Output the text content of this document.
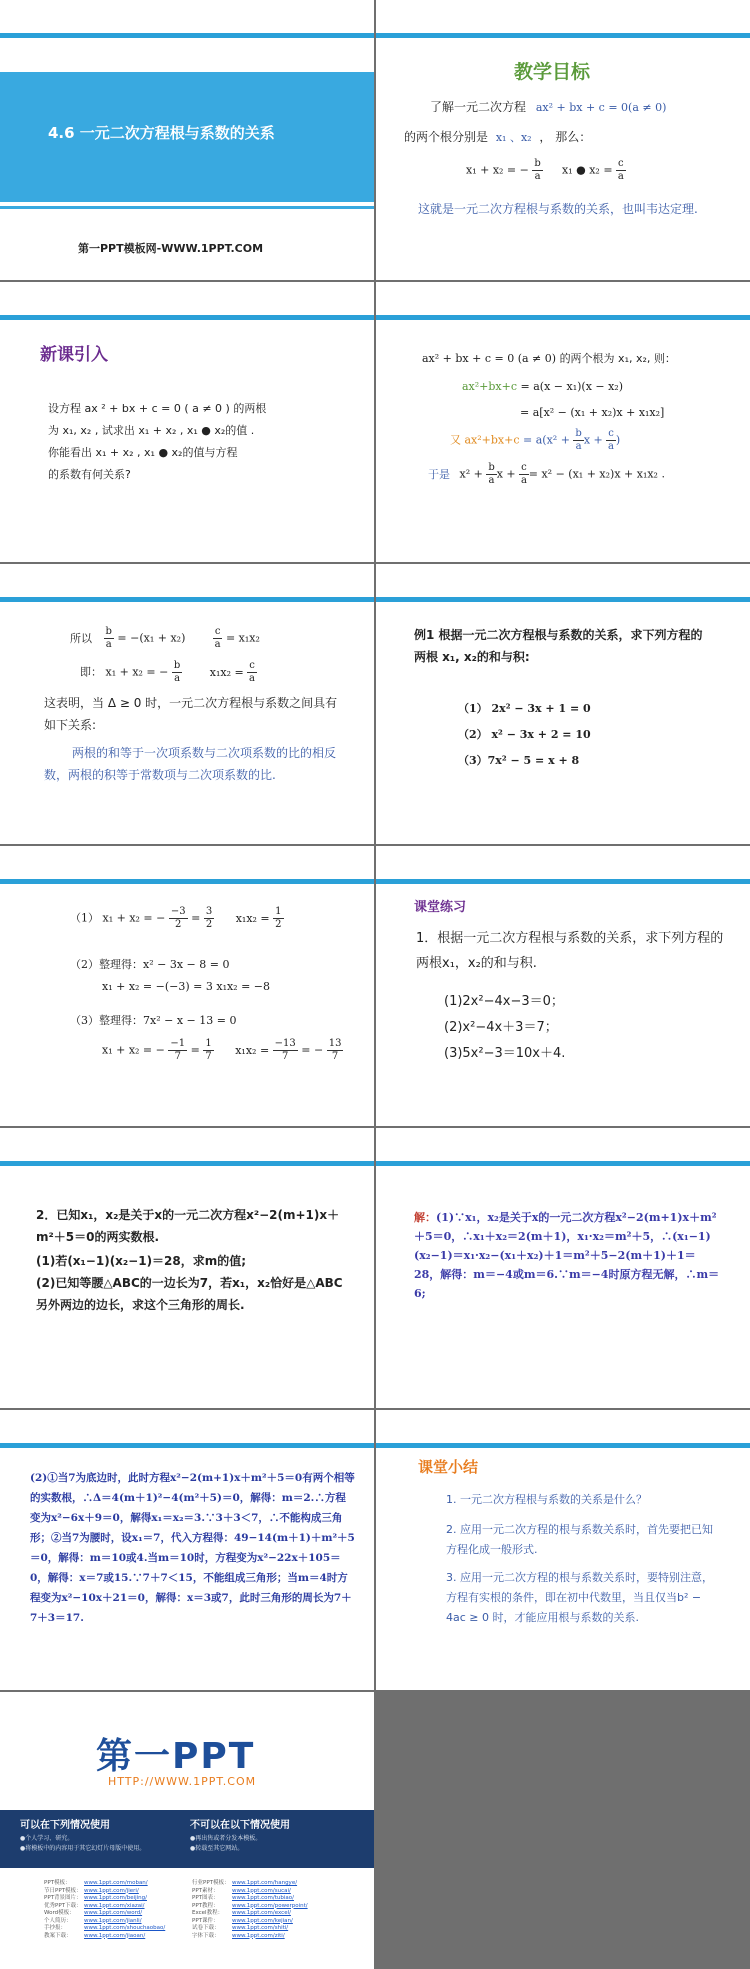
4.6 一元二次方程根与系数的关系
第一PPT模板网-WWW.1PPT.COM
教学目标
了解一元二次方程 ax² + bx + c = 0(a ≠ 0)
的两个根分别是 x₁ 、x₂ ， 那么：
x₁ + x₂ = − $\frac{b}{a} x_1$ ● $x_2 = \frac{c}{a}$
这就是一元二次方程根与系数的关系，也叫韦达定理.
新课引入
设方程 ax ² + bx + c = 0 ( a ≠ 0 ) 的两根
为 x₁, x₂ , 试求出 x₁ + x₂ , x₁ ● x₂的值 .
你能看出 x₁ + x₂ , x₁ ● x₂的值与方程
的系数有何关系?
ax² + bx + c = 0 (a ≠ 0) 的两个根为 x₁, x₂, 则：
ax²+bx+c = a(x − x₁)(x − x₂)
= a[x² − (x₁ + x₂)x + x₁x₂]
又 $ax^2+bx+c = a(x^2 + \frac{b}{a}$ $x + \frac{c}{a}$ )
于是 $x^2 + \frac{b}{a}$ $x + \frac{c}{a} = x^2 - (x_1 + x_2)x + x_1x_2$ .
所以 $\frac{b}{a} = -(x_1 + x_2)$	$\frac{c}{a} = x_1x_2$
即： x₁ + x₂ = − $\frac{b}{a}$	$x_1x_2 = \frac{c}{a}$
这表明，当 Δ ≥ 0 时，一元二次方程根与系数之间具有如下关系:
两根的和等于一次项系数与二次项系数的比的相反数，两根的积等于常数项与二次项系数的比.
例1 根据一元二次方程根与系数的关系，求下列方程的两根 x₁, x₂的和与积:
（1） 2x² − 3x + 1 = 0
（2） x² − 3x + 2 = 10
（3）7x² − 5 = x + 8
（1） x₁ + x₂ = − $\frac{-3}{2} = \frac{3}{2} x_1x_2 = \frac{1}{2}$
（2）整理得：x² − 3x − 8 = 0
x₁ + x₂ = −(−3) = 3 x₁x₂ = −8
（3）整理得：7x² − x − 13 = 0
x₁ + x₂ = − $\frac{-1}{7} = \frac{1}{7} x_1x_2 = \frac{-13}{7}$ = − $\frac{13}{7}$
课堂练习
1．根据一元二次方程根与系数的关系，求下列方程的两根x₁，x₂的和与积.
(1)2x²−4x−3＝0；
(2)x²−4x＋3＝7；
(3)5x²−3＝10x＋4.
2．已知x₁，x₂是关于x的一元二次方程x²−2(m+1)x＋m²＋5＝0的两实数根.
(1)若(x₁−1)(x₂−1)＝28，求m的值;
(2)已知等腰△ABC的一边长为7，若x₁，x₂恰好是△ABC另外两边的边长，求这个三角形的周长.
解：(1)∵x₁，x₂是关于x的一元二次方程x²−2(m+1)x＋m²＋5＝0，∴x₁＋x₂＝2(m＋1)，x₁·x₂＝m²＋5，∴(x₁−1)(x₂−1)＝x₁·x₂−(x₁＋x₂)＋1＝m²＋5−2(m＋1)＋1＝28，解得：m＝−4或m＝6.∵m＝−4时原方程无解，∴m＝6;
(2)①当7为底边时，此时方程x²−2(m+1)x＋m²＋5＝0有两个相等的实数根，∴Δ＝4(m＋1)²−4(m²＋5)＝0，解得：m＝2.∴方程变为x²−6x＋9＝0，解得x₁＝x₂＝3.∵3＋3＜7，∴不能构成三角形；②当7为腰时，设x₁＝7，代入方程得：49−14(m＋1)＋m²＋5＝0，解得：m＝10或4.当m＝10时，方程变为x²−22x＋105＝0，解得：x＝7或15.∵7＋7＜15，不能组成三角形；当m＝4时方程变为x²−10x＋21＝0，解得：x＝3或7，此时三角形的周长为7＋7＋3＝17.
课堂小结
1. 一元二次方程根与系数的关系是什么？
2. 应用一元二次方程的根与系数关系时，首先要把已知方程化成一般形式.
3. 应用一元二次方程的根与系数关系时，要特别注意，方程有实根的条件，即在初中代数里，当且仅当b² − 4ac ≥ 0 时，才能应用根与系数的关系.
第一PPT
HTTP://WWW.1PPT.COM
可以在下列情况使用
●个人学习、研究。
●将模板中的内容用于其它幻灯片母版中使用。
不可以在以下情况使用
●再出售或者分发本模板。
●转载至其它网站。
PPT模板： www.1ppt.com/moban/
节日PPT模板： www.1ppt.com/jieri/
PPT背景图片： www.1ppt.com/beijing/
优秀PPT下载： www.1ppt.com/xiazai/
Word模板： www.1ppt.com/word/
个人简历： www.1ppt.com/jianli/
手抄报：	www.1ppt.com/shouchaobao/
教案下载： www.1ppt.com/jiaoan/
行业PPT模板： www.1ppt.com/hangye/
PPT素材： www.1ppt.com/sucai/
PPT图表： www.1ppt.com/tubiao/
PPT教程： www.1ppt.com/powerpoint/
Excel教程： www.1ppt.com/excel/
PPT课件： www.1ppt.com/kejian/
试卷下载： www.1ppt.com/shiti/
字体下载： www.1ppt.com/ziti/
